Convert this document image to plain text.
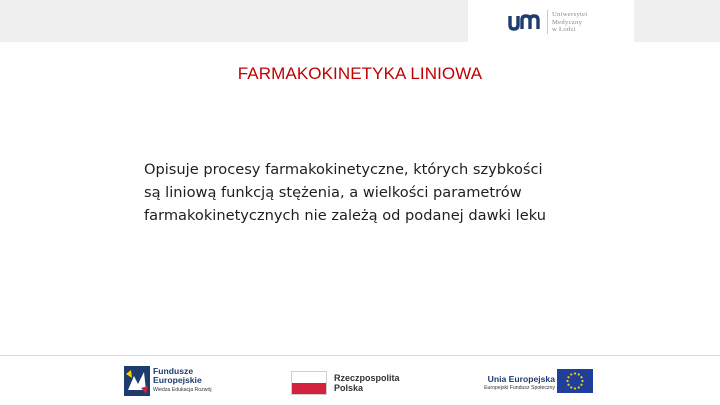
Uniwersytet
Medyczny
w Łodzi
FARMAKOKINETYKA LINIOWA
Opisuje procesy farmakokinetyczne, których szybkości
są liniową funkcją stężenia, a wielkości parametrów
farmakokinetycznych nie zależą od podanej dawki leku
Fundusze
Europejskie
Wiedza Edukacja Rozwój
Rzeczpospolita
Polska
Unia Europejska
Europejski Fundusz Społeczny
